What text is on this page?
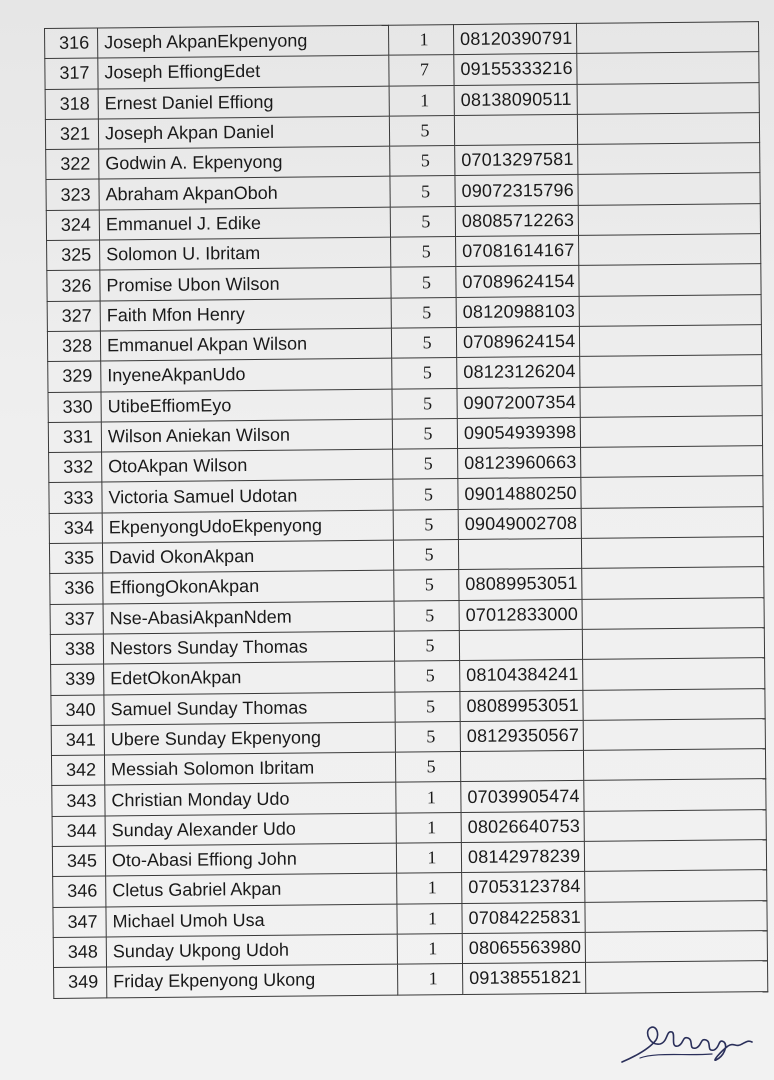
316	Joseph AkpanEkpenyong	1	08120390791	
317	Joseph EffiongEdet	7	09155333216	
318	Ernest Daniel Effiong	1	08138090511	
321	Joseph Akpan Daniel	5		
322	Godwin A. Ekpenyong	5	07013297581	
323	Abraham AkpanOboh	5	09072315796	
324	Emmanuel J. Edike	5	08085712263	
325	Solomon U. Ibritam	5	07081614167	
326	Promise Ubon Wilson	5	07089624154	
327	Faith Mfon Henry	5	08120988103	
328	Emmanuel Akpan Wilson	5	07089624154	
329	InyeneAkpanUdo	5	08123126204	
330	UtibeEffiomEyo	5	09072007354	
331	Wilson Aniekan Wilson	5	09054939398	
332	OtoAkpan Wilson	5	08123960663	
333	Victoria Samuel Udotan	5	09014880250	
334	EkpenyongUdoEkpenyong	5	09049002708	
335	David OkonAkpan	5		
336	EffiongOkonAkpan	5	08089953051	
337	Nse-AbasiAkpanNdem	5	07012833000	
338	Nestors Sunday Thomas	5		
339	EdetOkonAkpan	5	08104384241	
340	Samuel Sunday Thomas	5	08089953051	
341	Ubere Sunday Ekpenyong	5	08129350567	
342	Messiah Solomon Ibritam	5		
343	Christian Monday Udo	1	07039905474	
344	Sunday Alexander Udo	1	08026640753	
345	Oto-Abasi Effiong John	1	08142978239	
346	Cletus Gabriel Akpan	1	07053123784	
347	Michael Umoh Usa	1	07084225831	
348	Sunday Ukpong Udoh	1	08065563980	
349	Friday Ekpenyong Ukong	1	09138551821	
